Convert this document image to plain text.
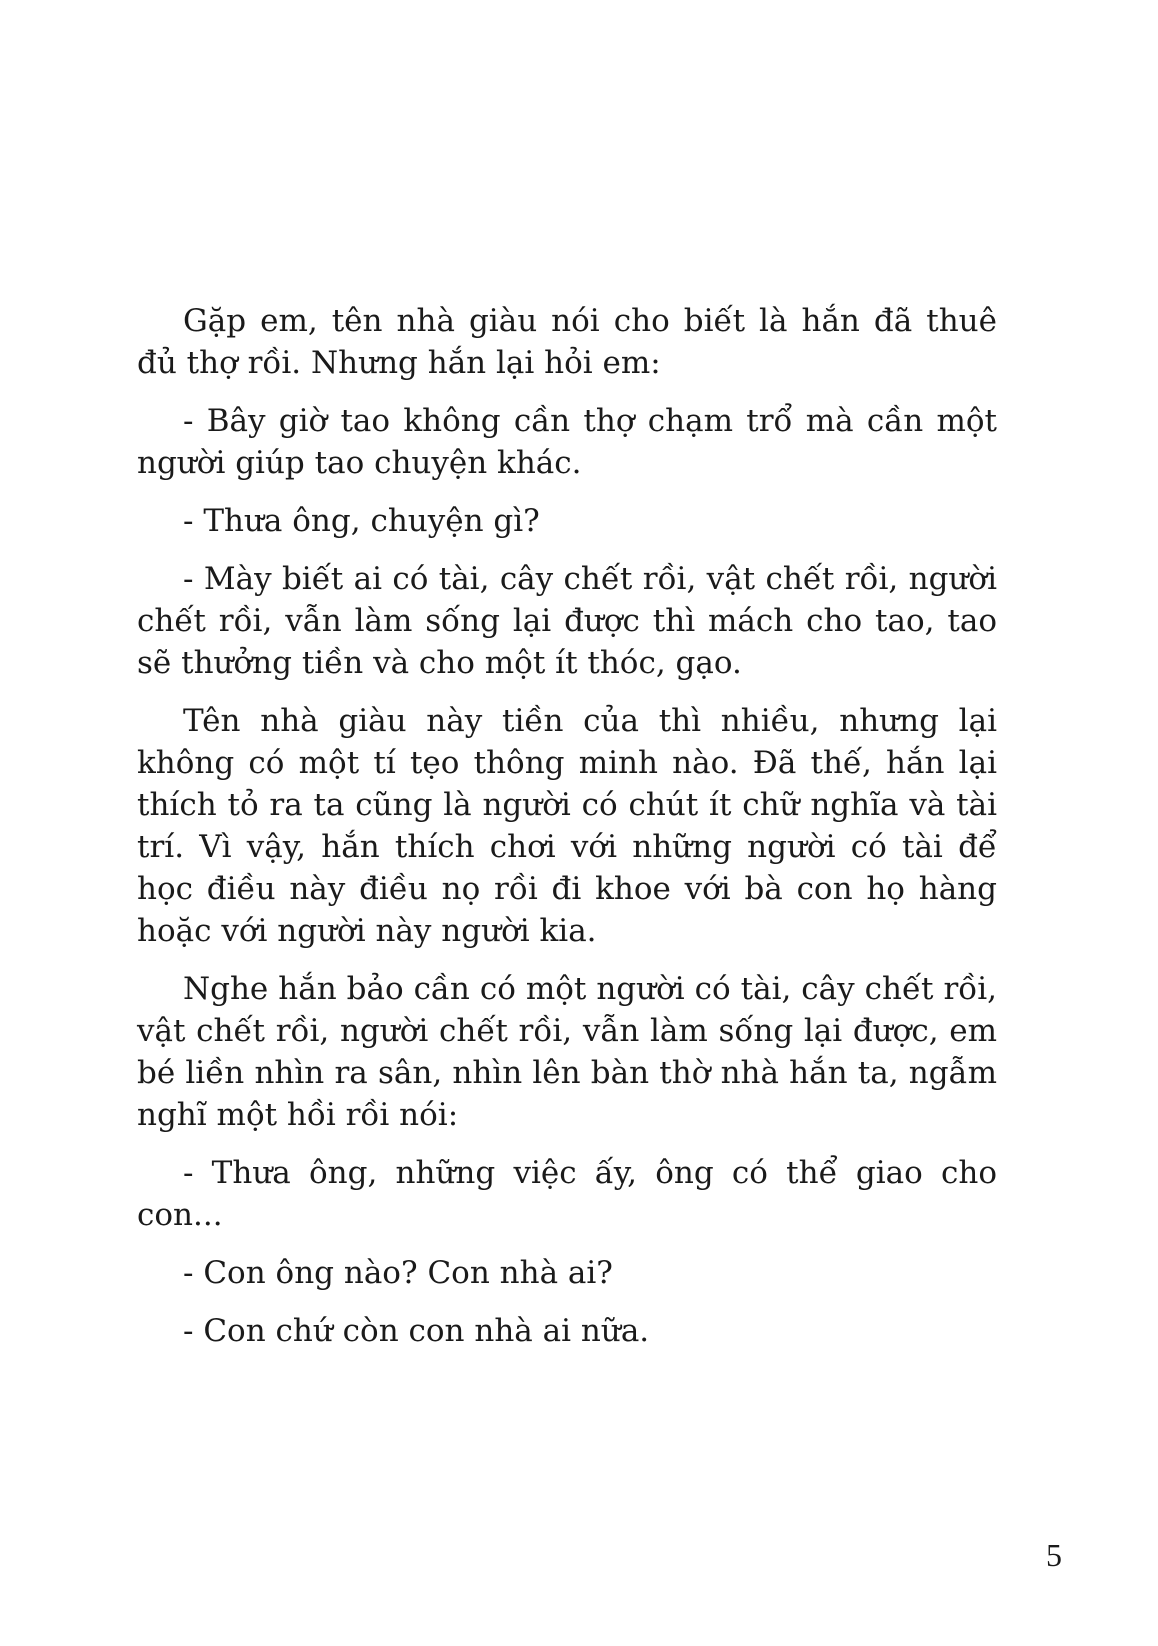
Gặp em, tên nhà giàu nói cho biết là hắn đã thuê đủ thợ rồi. Nhưng hắn lại hỏi em:

- Bây giờ tao không cần thợ chạm trổ mà cần một người giúp tao chuyện khác.

- Thưa ông, chuyện gì?

- Mày biết ai có tài, cây chết rồi, vật chết rồi, người chết rồi, vẫn làm sống lại được thì mách cho tao, tao sẽ thưởng tiền và cho một ít thóc, gạo.

Tên nhà giàu này tiền của thì nhiều, nhưng lại không có một tí tẹo thông minh nào. Đã thế, hắn lại thích tỏ ra ta cũng là người có chút ít chữ nghĩa và tài trí. Vì vậy, hắn thích chơi với những người có tài để học điều này điều nọ rồi đi khoe với bà con họ hàng hoặc với người này người kia.

Nghe hắn bảo cần có một người có tài, cây chết rồi, vật chết rồi, người chết rồi, vẫn làm sống lại được, em bé liền nhìn ra sân, nhìn lên bàn thờ nhà hắn ta, ngẫm nghĩ một hồi rồi nói:

- Thưa ông, những việc ấy, ông có thể giao cho con...

- Con ông nào? Con nhà ai?

- Con chứ còn con nhà ai nữa.

5
